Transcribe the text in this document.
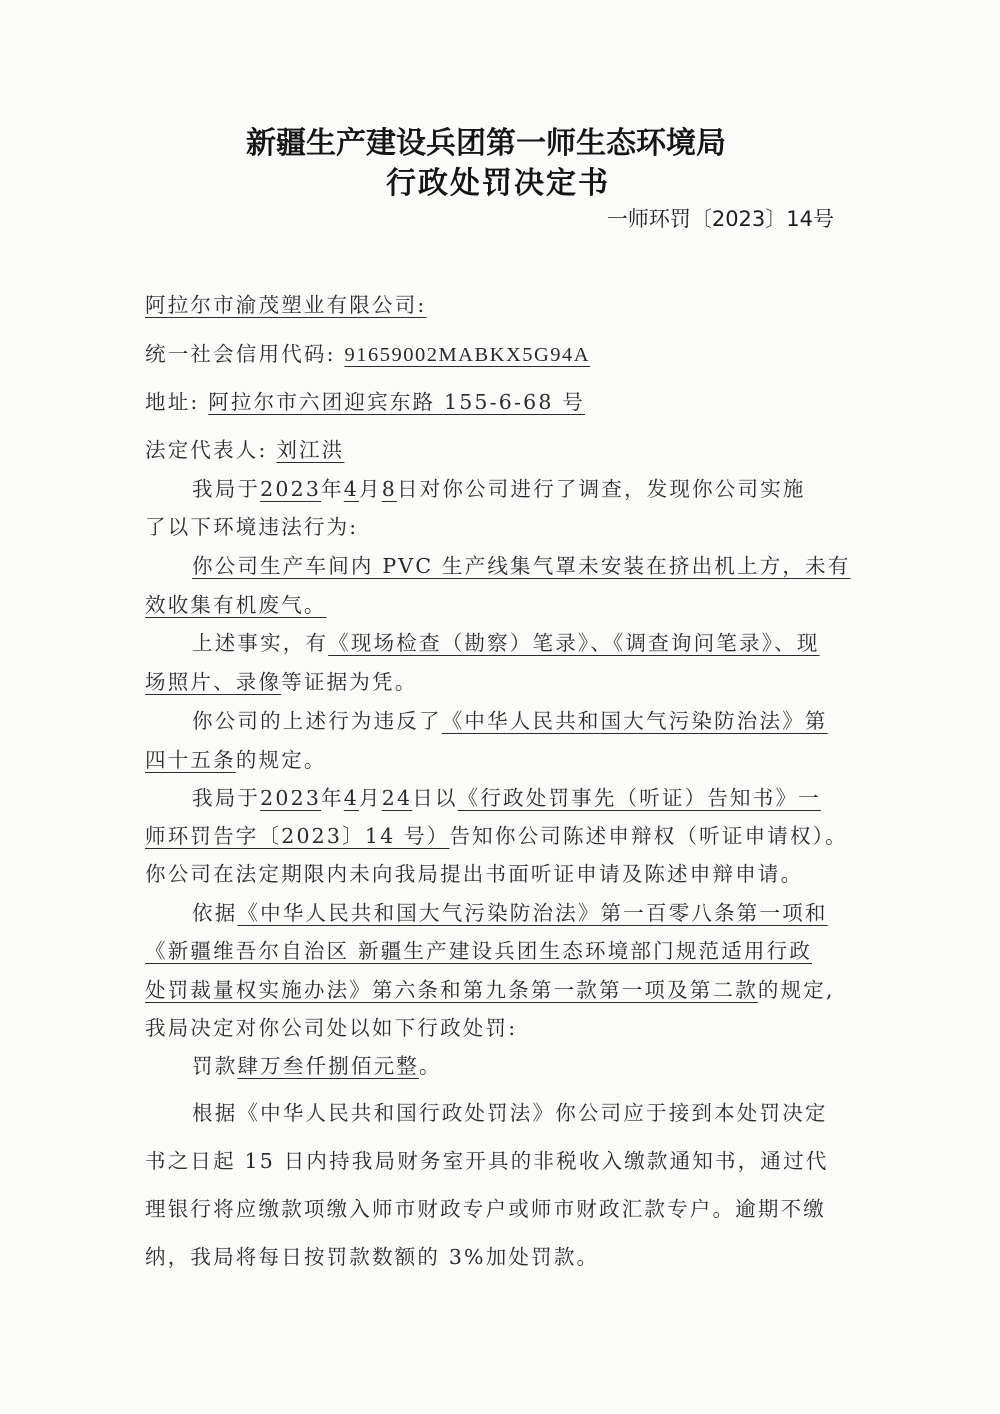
新疆生产建设兵团第一师生态环境局
行政处罚决定书
一师环罚〔2023〕14号
阿拉尔市渝茂塑业有限公司:
统一社会信用代码: 91659002MABKX5G94A
地址: 阿拉尔市六团迎宾东路 155-6-68 号
法定代表人: 刘江洪
我局于2023年4月8日对你公司进行了调查，发现你公司实施
了以下环境违法行为:
你公司生产车间内 PVC 生产线集气罩未安装在挤出机上方，未有
效收集有机废气。
上述事实，有《现场检查（勘察）笔录》、《调查询问笔录》、现
场照片、录像等证据为凭。
你公司的上述行为违反了《中华人民共和国大气污染防治法》第
四十五条的规定。
我局于2023年4月24日以《行政处罚事先（听证）告知书》一
师环罚告字〔2023〕14 号）告知你公司陈述申辩权（听证申请权）。
你公司在法定期限内未向我局提出书面听证申请及陈述申辩申请。
依据《中华人民共和国大气污染防治法》第一百零八条第一项和
《新疆维吾尔自治区 新疆生产建设兵团生态环境部门规范适用行政
处罚裁量权实施办法》第六条和第九条第一款第一项及第二款的规定,
我局决定对你公司处以如下行政处罚:
罚款肆万叁仟捌佰元整。
根据《中华人民共和国行政处罚法》你公司应于接到本处罚决定
书之日起 15 日内持我局财务室开具的非税收入缴款通知书，通过代
理银行将应缴款项缴入师市财政专户或师市财政汇款专户。逾期不缴
纳，我局将每日按罚款数额的 3%加处罚款。
